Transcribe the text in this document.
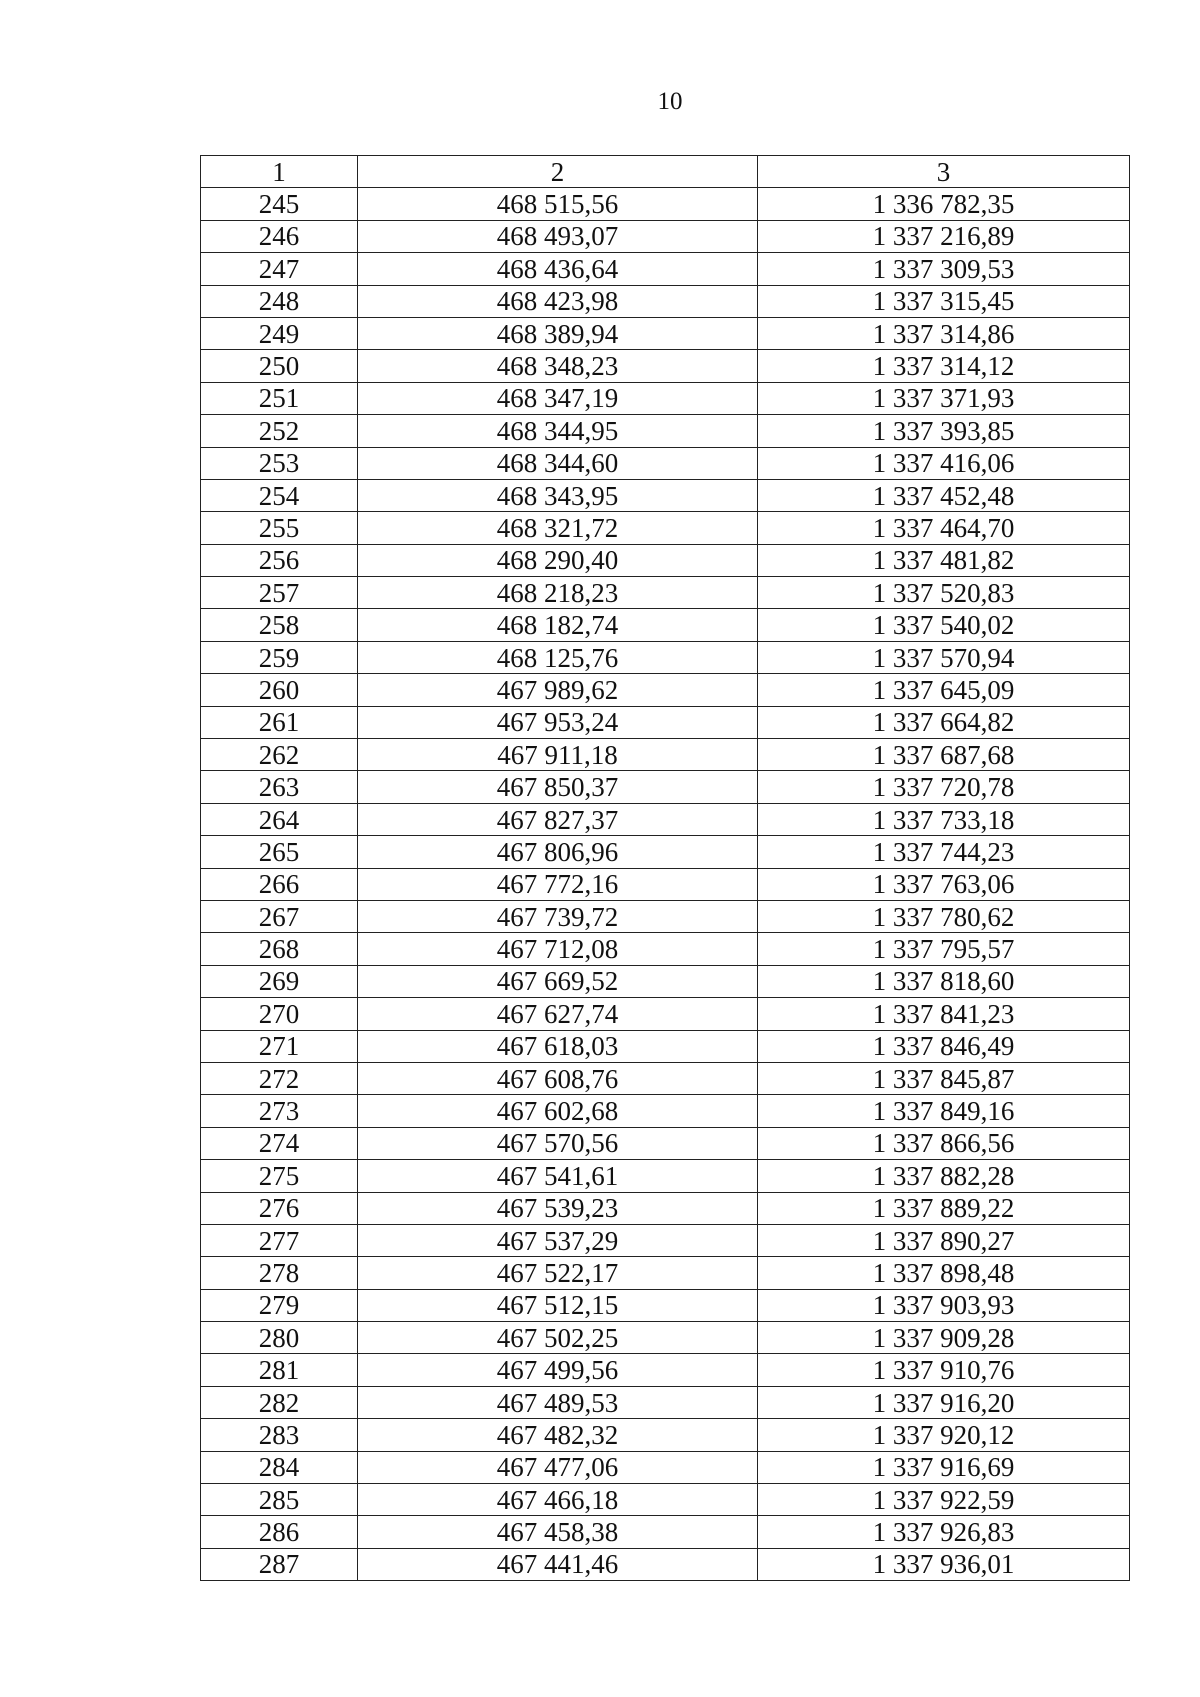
10
1	2	3
245	468 515,56	1 336 782,35
246	468 493,07	1 337 216,89
247	468 436,64	1 337 309,53
248	468 423,98	1 337 315,45
249	468 389,94	1 337 314,86
250	468 348,23	1 337 314,12
251	468 347,19	1 337 371,93
252	468 344,95	1 337 393,85
253	468 344,60	1 337 416,06
254	468 343,95	1 337 452,48
255	468 321,72	1 337 464,70
256	468 290,40	1 337 481,82
257	468 218,23	1 337 520,83
258	468 182,74	1 337 540,02
259	468 125,76	1 337 570,94
260	467 989,62	1 337 645,09
261	467 953,24	1 337 664,82
262	467 911,18	1 337 687,68
263	467 850,37	1 337 720,78
264	467 827,37	1 337 733,18
265	467 806,96	1 337 744,23
266	467 772,16	1 337 763,06
267	467 739,72	1 337 780,62
268	467 712,08	1 337 795,57
269	467 669,52	1 337 818,60
270	467 627,74	1 337 841,23
271	467 618,03	1 337 846,49
272	467 608,76	1 337 845,87
273	467 602,68	1 337 849,16
274	467 570,56	1 337 866,56
275	467 541,61	1 337 882,28
276	467 539,23	1 337 889,22
277	467 537,29	1 337 890,27
278	467 522,17	1 337 898,48
279	467 512,15	1 337 903,93
280	467 502,25	1 337 909,28
281	467 499,56	1 337 910,76
282	467 489,53	1 337 916,20
283	467 482,32	1 337 920,12
284	467 477,06	1 337 916,69
285	467 466,18	1 337 922,59
286	467 458,38	1 337 926,83
287	467 441,46	1 337 936,01
